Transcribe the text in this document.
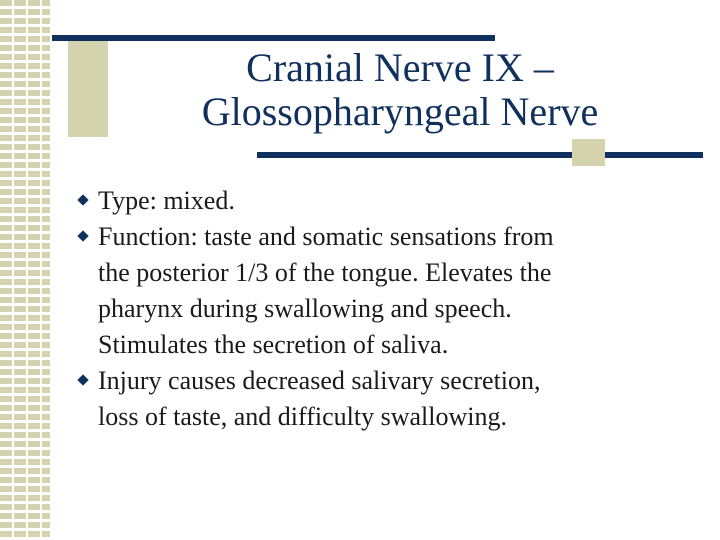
Cranial Nerve IX –
Glossopharyngeal Nerve
Type: mixed.
Function: taste and somatic sensations from
the posterior 1/3 of the tongue. Elevates the
pharynx during swallowing and speech.
Stimulates the secretion of saliva.
Injury causes decreased salivary secretion,
loss of taste, and difficulty swallowing.
